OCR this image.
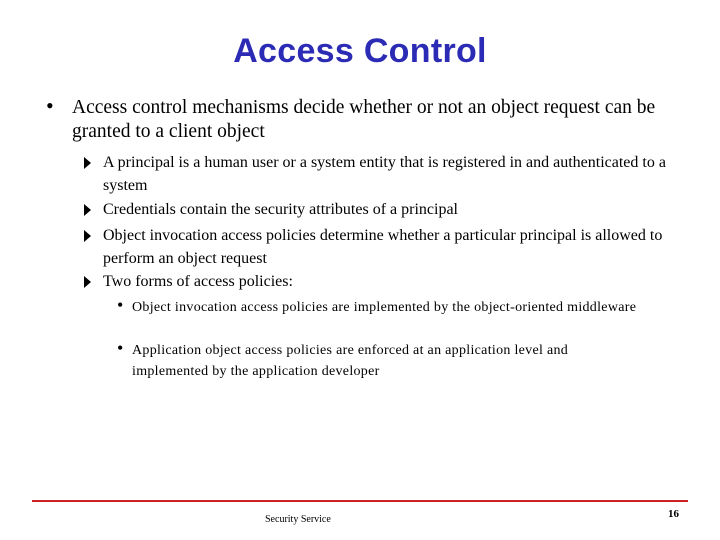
Access Control
• Access control mechanisms decide whether or not an object request can be granted to a client object
A principal is a human user or a system entity that is registered in and authenticated to a system
Credentials contain the security attributes of a principal
Object invocation access policies determine whether a particular principal is allowed to perform an object request
Two forms of access policies:
• Object invocation access policies are implemented by the object-oriented middleware
• Application object access policies are enforced at an application level and implemented by the application developer
Security Service	16
